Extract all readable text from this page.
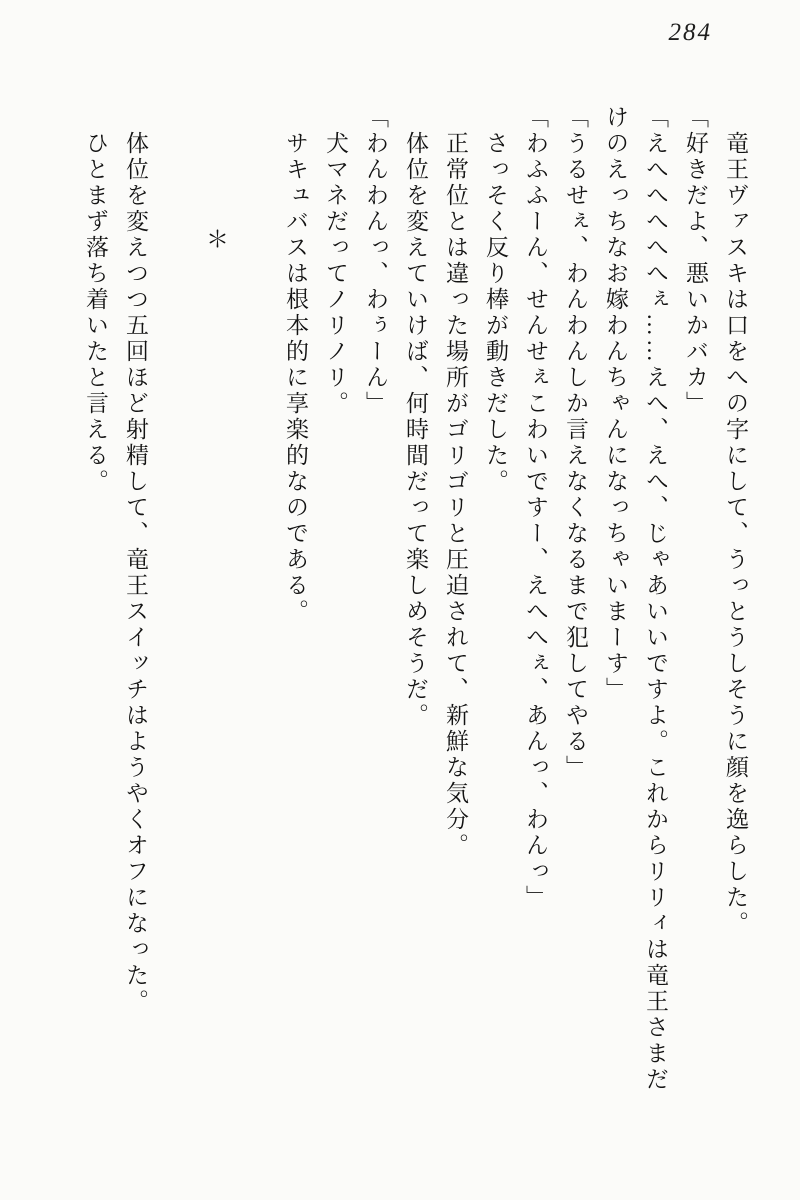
284

竜王ヴァスキは口をへの字にして、うっとうしそうに顔を逸らした。

「好きだよ、悪いかバカ」

「えへへへへへぇ……えへ、えへ、じゃあいいですよ。これからリリィは竜王さまだけのえっちなお嫁わんちゃんになっちゃいまーす」

「うるせぇ、わんわんしか言えなくなるまで犯してやる」

「わふふーん、せんせぇこわいですー、えへへぇ、あんっ、わんっ」

さっそく反り棒が動きだした。

正常位とは違った場所がゴリゴリと圧迫されて、新鮮な気分。

体位を変えていけば、何時間だって楽しめそうだ。

「わんわんっ、わぅーん」

犬マネだってノリノリ。

サキュバスは根本的に享楽的なのである。

＊

体位を変えつつ五回ほど射精して、竜王スイッチはようやくオフになった。

ひとまず落ち着いたと言える。
